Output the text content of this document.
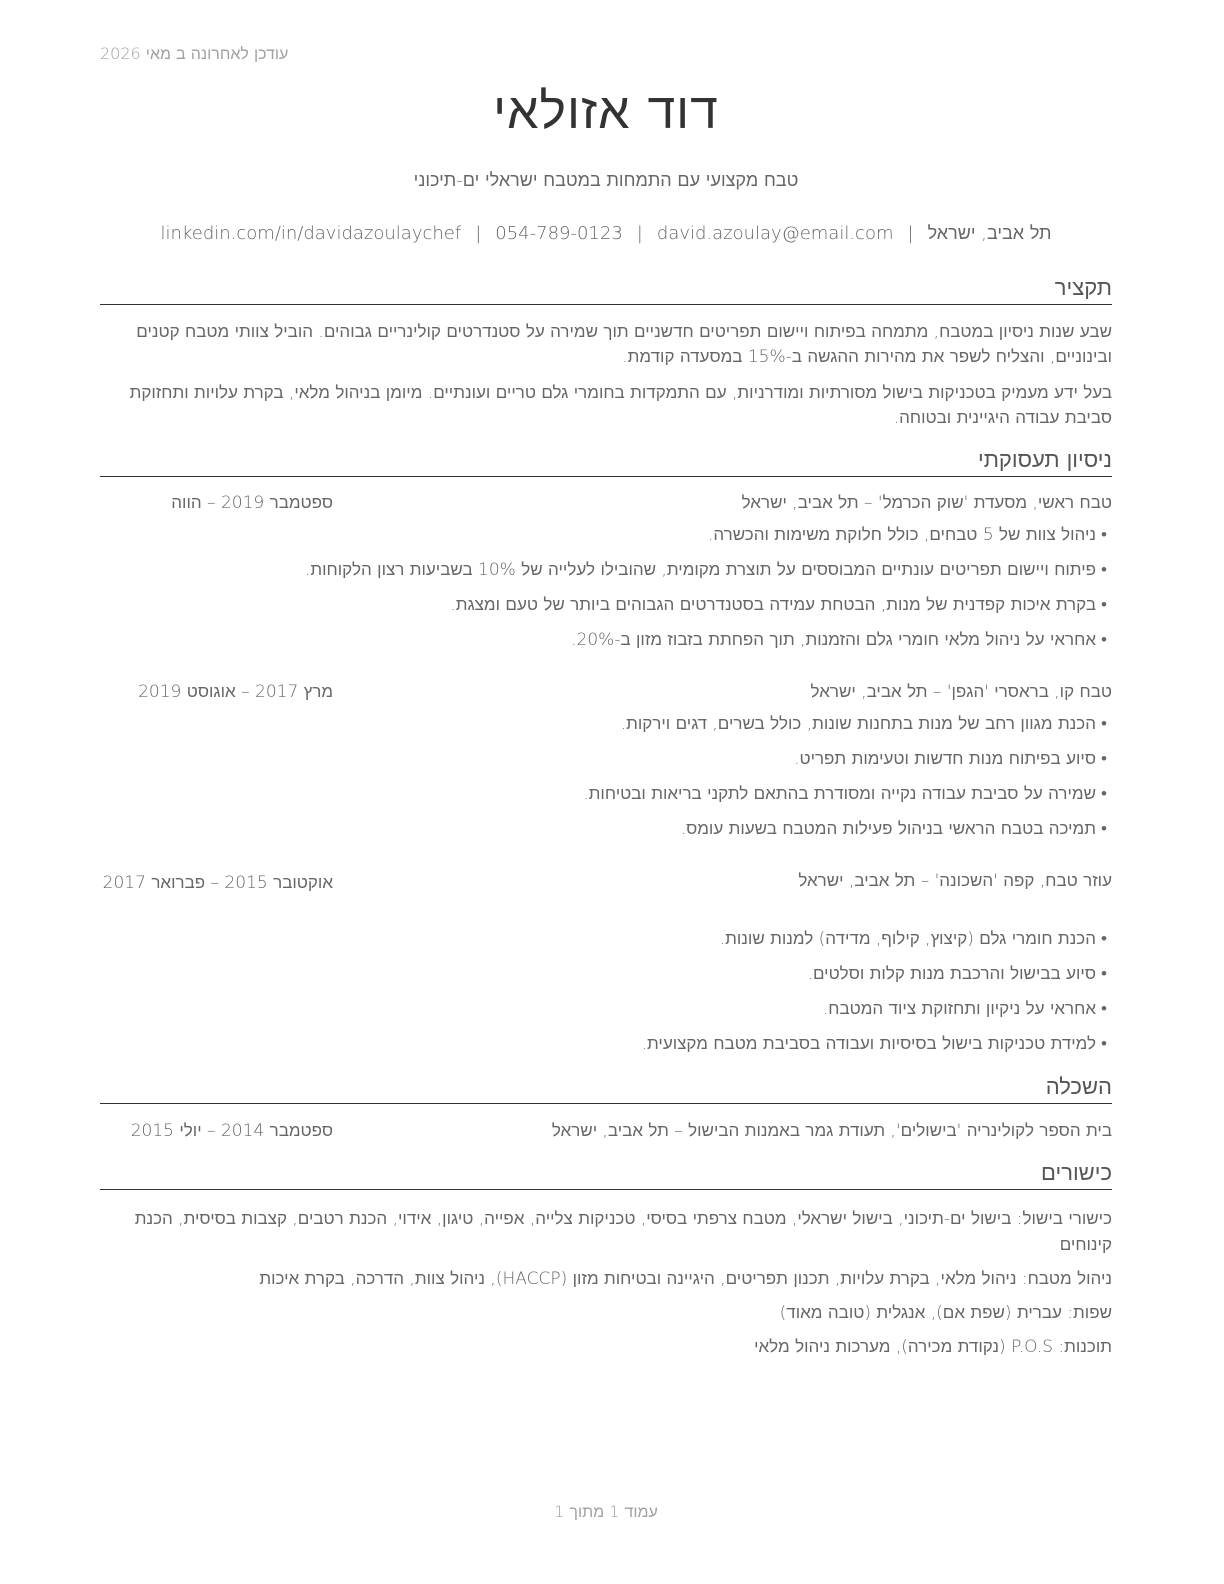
עודכן לאחרונה ב מאי 2026
דוד אזולאי
טבח מקצועי עם התמחות במטבח ישראלי ים-תיכוני
תל אביב, ישראל|david.azoulay@email.com|054-789-0123|linkedin.com/in/davidazoulaychef
תקציר
שבע שנות ניסיון במטבח, מתמחה בפיתוח ויישום תפריטים חדשניים תוך שמירה על סטנדרטים קולינריים גבוהים. הוביל צוותי מטבח קטנים ובינוניים, והצליח לשפר את מהירות ההגשה ב-15% במסעדה קודמת.
בעל ידע מעמיק בטכניקות בישול מסורתיות ומודרניות, עם התמקדות בחומרי גלם טריים ועונתיים. מיומן בניהול מלאי, בקרת עלויות ותחזוקת סביבת עבודה היגיינית ובטוחה.
ניסיון תעסוקתי
טבח ראשי, מסעדת 'שוק הכרמל' – תל אביב, ישראל
ספטמבר 2019 – הווה
•ניהול צוות של 5 טבחים, כולל חלוקת משימות והכשרה.
•פיתוח ויישום תפריטים עונתיים המבוססים על תוצרת מקומית, שהובילו לעלייה של 10% בשביעות רצון הלקוחות.
•בקרת איכות קפדנית של מנות, הבטחת עמידה בסטנדרטים הגבוהים ביותר של טעם ומצגת.
•אחראי על ניהול מלאי חומרי גלם והזמנות, תוך הפחתת בזבוז מזון ב-20%.
טבח קו, בראסרי 'הגפן' – תל אביב, ישראל
מרץ 2017 – אוגוסט 2019
•הכנת מגוון רחב של מנות בתחנות שונות, כולל בשרים, דגים וירקות.
•סיוע בפיתוח מנות חדשות וטעימות תפריט.
•שמירה על סביבת עבודה נקייה ומסודרת בהתאם לתקני בריאות ובטיחות.
•תמיכה בטבח הראשי בניהול פעילות המטבח בשעות עומס.
עוזר טבח, קפה 'השכונה' – תל אביב, ישראל
אוקטובר 2015 – פברואר 2017
•הכנת חומרי גלם (קיצוץ, קילוף, מדידה) למנות שונות.
•סיוע בבישול והרכבת מנות קלות וסלטים.
•אחראי על ניקיון ותחזוקת ציוד המטבח.
•למידת טכניקות בישול בסיסיות ועבודה בסביבת מטבח מקצועית.
השכלה
בית הספר לקולינריה 'בישולים', תעודת גמר באמנות הבישול – תל אביב, ישראל
ספטמבר 2014 – יולי 2015
כישורים
כישורי בישול: בישול ים-תיכוני, בישול ישראלי, מטבח צרפתי בסיסי, טכניקות צלייה, אפייה, טיגון, אידוי, הכנת רטבים, קצבות בסיסית, הכנת קינוחים
ניהול מטבח: ניהול מלאי, בקרת עלויות, תכנון תפריטים, היגיינה ובטיחות מזון (HACCP), ניהול צוות, הדרכה, בקרת איכות
שפות: עברית (שפת אם), אנגלית (טובה מאוד)
תוכנות: P.O.S (נקודת מכירה), מערכות ניהול מלאי
עמוד 1 מתוך 1
